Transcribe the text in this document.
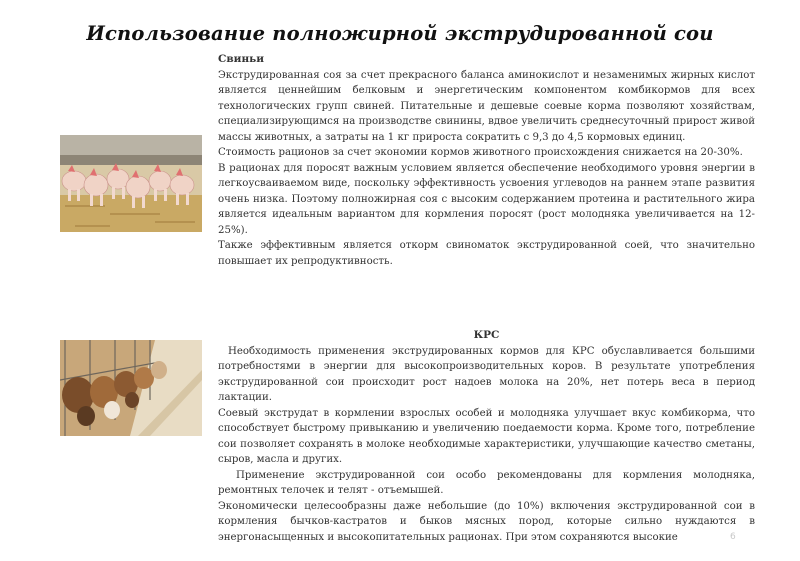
Использование полножирной экструдированной сои
Свиньи

Экструдированная соя за счет прекрасного баланса аминокислот и незаменимых жирных кислот является ценнейшим белковым и энергетическим компонентом комбикормов для всех технологических групп свиней. Питательные и дешевые соевые корма позволяют хозяйствам, специализирующимся на производстве свинины, вдвое увеличить среднесуточный прирост живой массы животных, а затраты на 1 кг прироста сократить с 9,3 до 4,5 кормовых единиц.

Стоимость рационов за счет экономии кормов животного происхождения снижается на 20-30%.

В рационах для поросят важным условием является обеспечение необходимого уровня энергии в легкоусваиваемом виде, поскольку эффективность усвоения углеводов на раннем этапе развития очень низка. Поэтому полножирная соя с высоким содержанием протеина и растительного жира является идеальным вариантом для кормления поросят (рост молодняка увеличивается на 12-25%).

Также эффективным является откорм свиноматок экструдированной соей, что значительно повышает их репродуктивность.

КРС

Необходимость применения экструдированных кормов для КРС обуславливается большими потребностями в энергии для высокопроизводительных коров. В результате употребления экструдированной сои происходит рост надоев молока на 20%, нет потерь веса в период лактации.

Соевый экструдат в кормлении взрослых особей и молодняка улучшает вкус комбикорма, что способствует быстрому привыканию и увеличению поедаемости корма. Кроме того, потребление сои позволяет сохранять в молоке необходимые характеристики, улучшающие качество сметаны, сыров, масла и других.

Применение экструдированной сои особо рекомендованы для кормления молодняка, ремонтных телочек и телят - отъемышей.

Экономически целесообразны даже небольшие (до 10%) включения экструдированной сои в кормления бычков-кастратов и быков мясных пород, которые сильно нуждаются в энергонасыщенных и высокопитательных рационах. При этом сохраняются высокие	6
